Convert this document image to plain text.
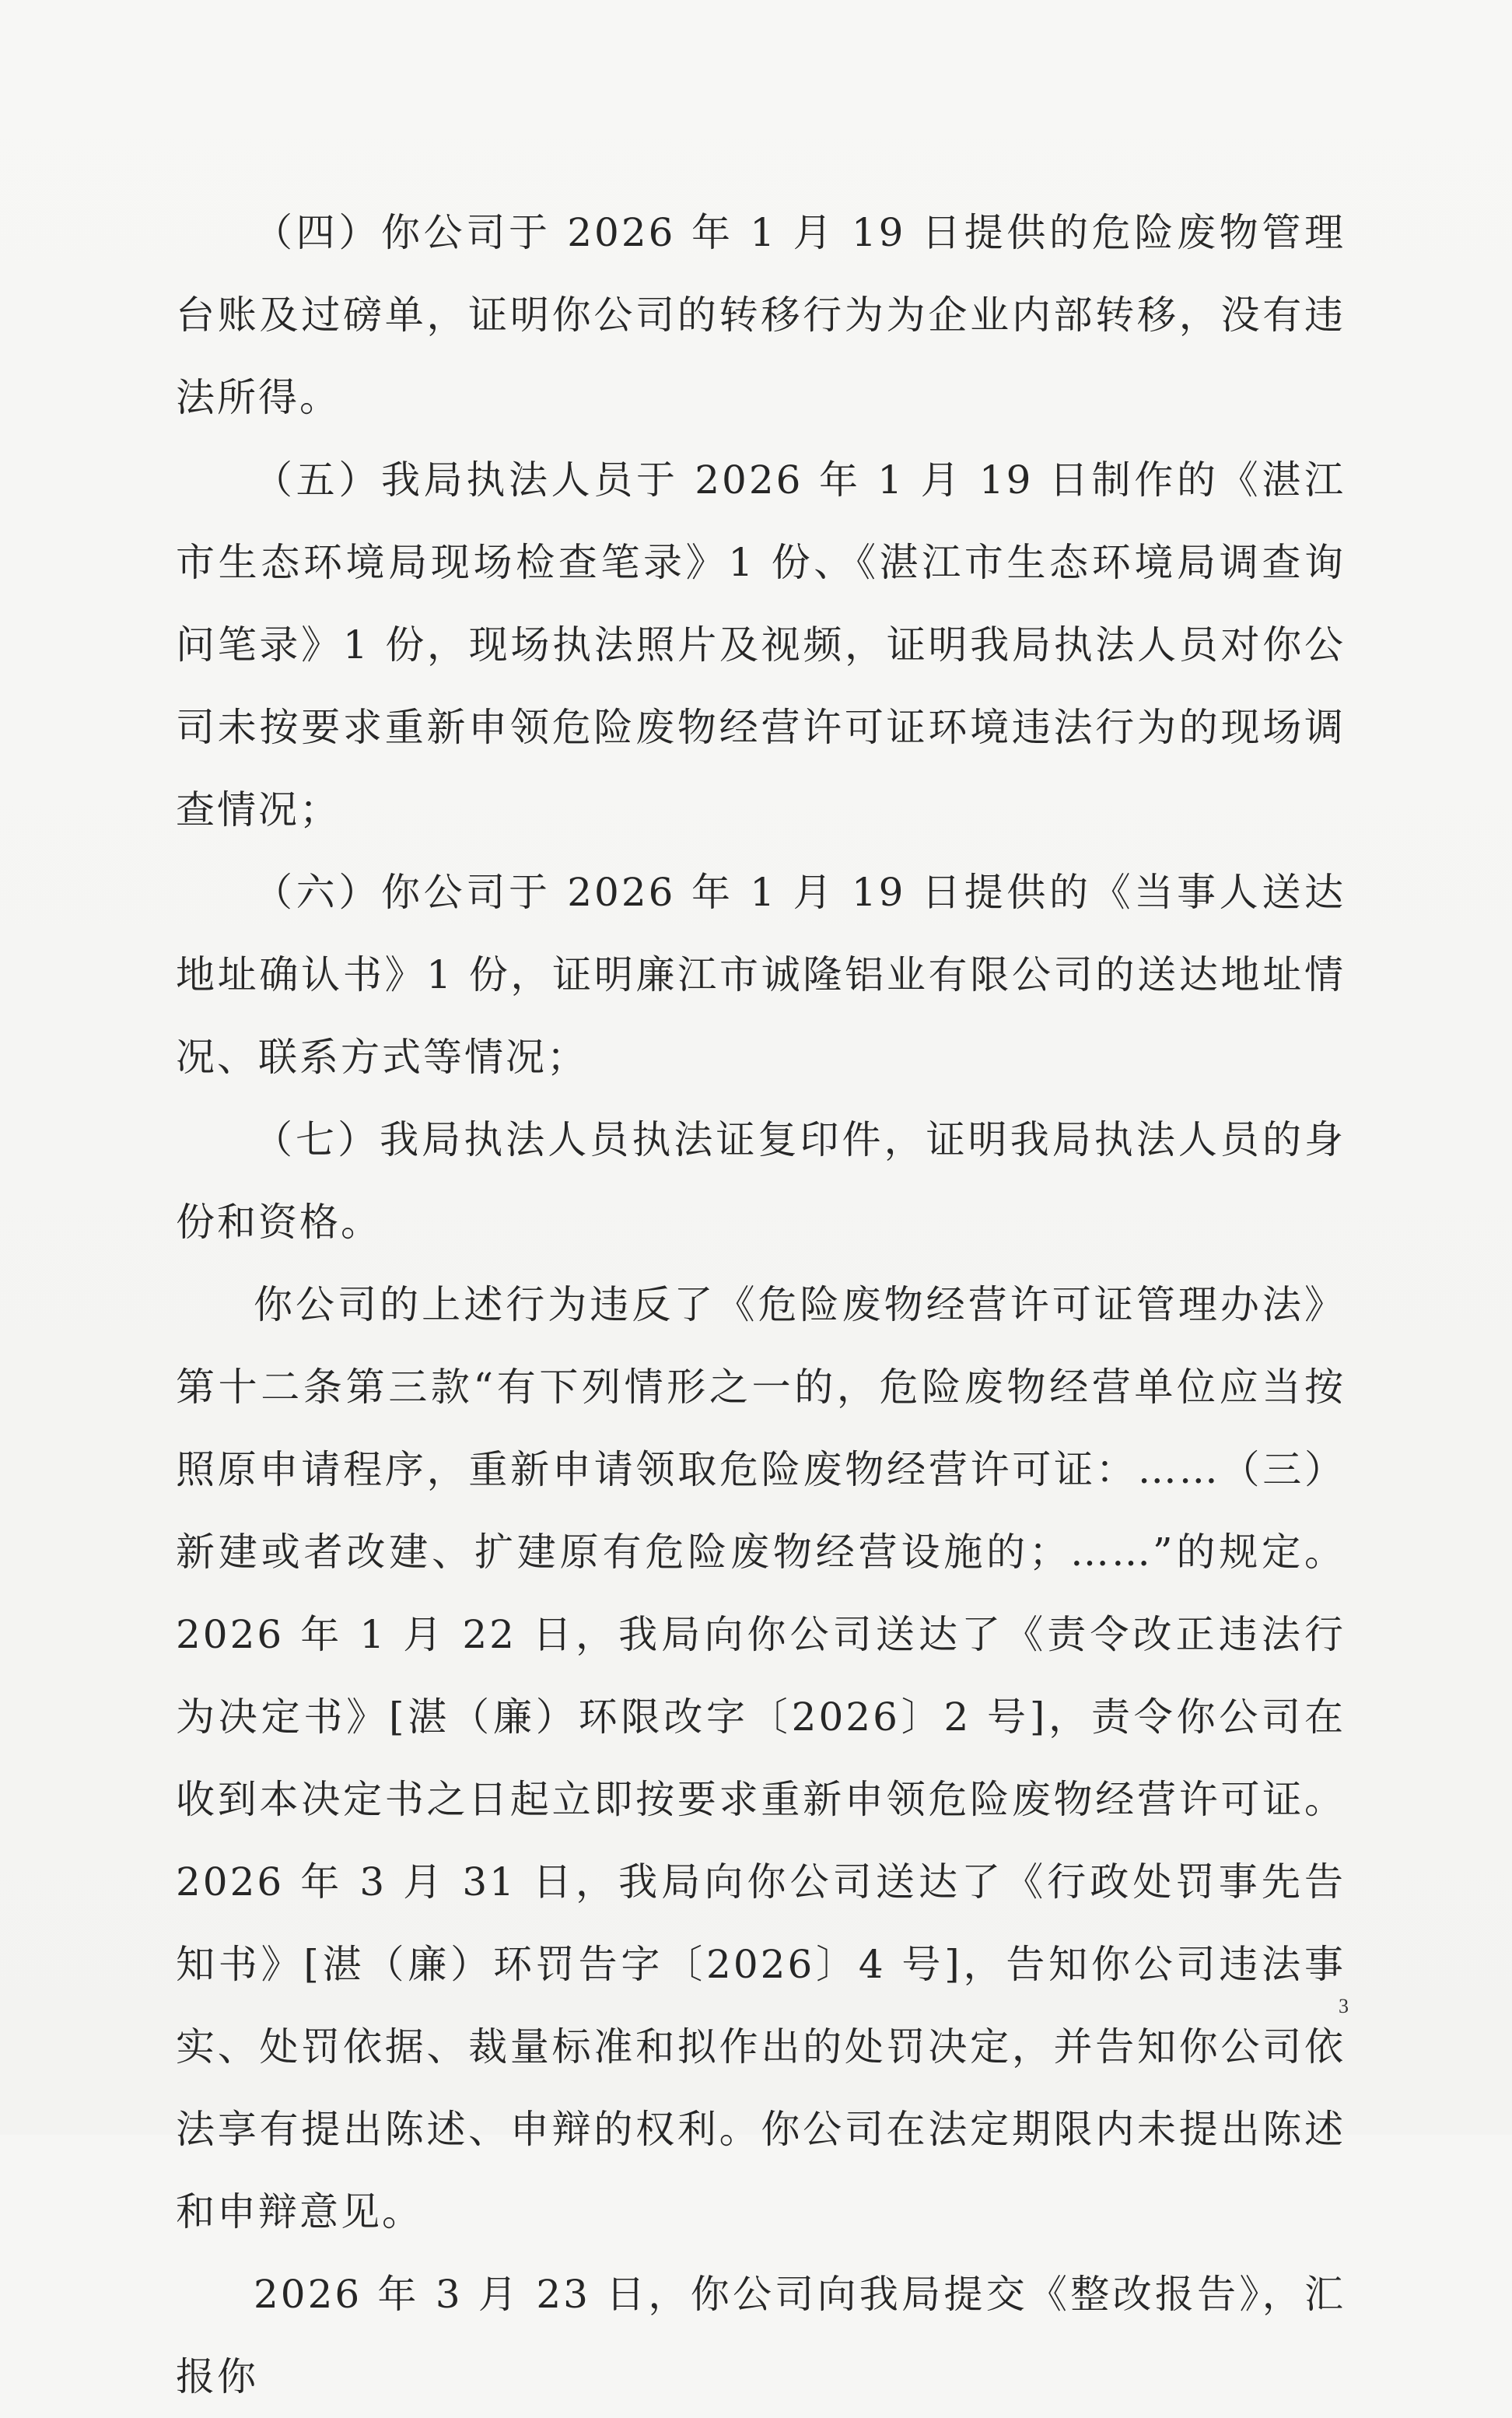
（四）你公司于 2026 年 1 月 19 日提供的危险废物管理台账及过磅单，证明你公司的转移行为为企业内部转移，没有违法所得。

（五）我局执法人员于 2026 年 1 月 19 日制作的《湛江市生态环境局现场检查笔录》1 份、《湛江市生态环境局调查询问笔录》1 份，现场执法照片及视频，证明我局执法人员对你公司未按要求重新申领危险废物经营许可证环境违法行为的现场调查情况；

（六）你公司于 2026 年 1 月 19 日提供的《当事人送达地址确认书》1 份，证明廉江市诚隆铝业有限公司的送达地址情况、联系方式等情况；

（七）我局执法人员执法证复印件，证明我局执法人员的身份和资格。

你公司的上述行为违反了《危险废物经营许可证管理办法》第十二条第三款“有下列情形之一的，危险废物经营单位应当按照原申请程序，重新申请领取危险废物经营许可证：……（三）新建或者改建、扩建原有危险废物经营设施的；……”的规定。2026 年 1 月 22 日，我局向你公司送达了《责令改正违法行为决定书》[湛（廉）环限改字〔2026〕2 号]，责令你公司在收到本决定书之日起立即按要求重新申领危险废物经营许可证。2026 年 3 月 31 日，我局向你公司送达了《行政处罚事先告知书》[湛（廉）环罚告字〔2026〕4 号]，告知你公司违法事实、处罚依据、裁量标准和拟作出的处罚决定，并告知你公司依法享有提出陈述、申辩的权利。你公司在法定期限内未提出陈述和申辩意见。

2026 年 3 月 23 日，你公司向我局提交《整改报告》，汇报你

3
